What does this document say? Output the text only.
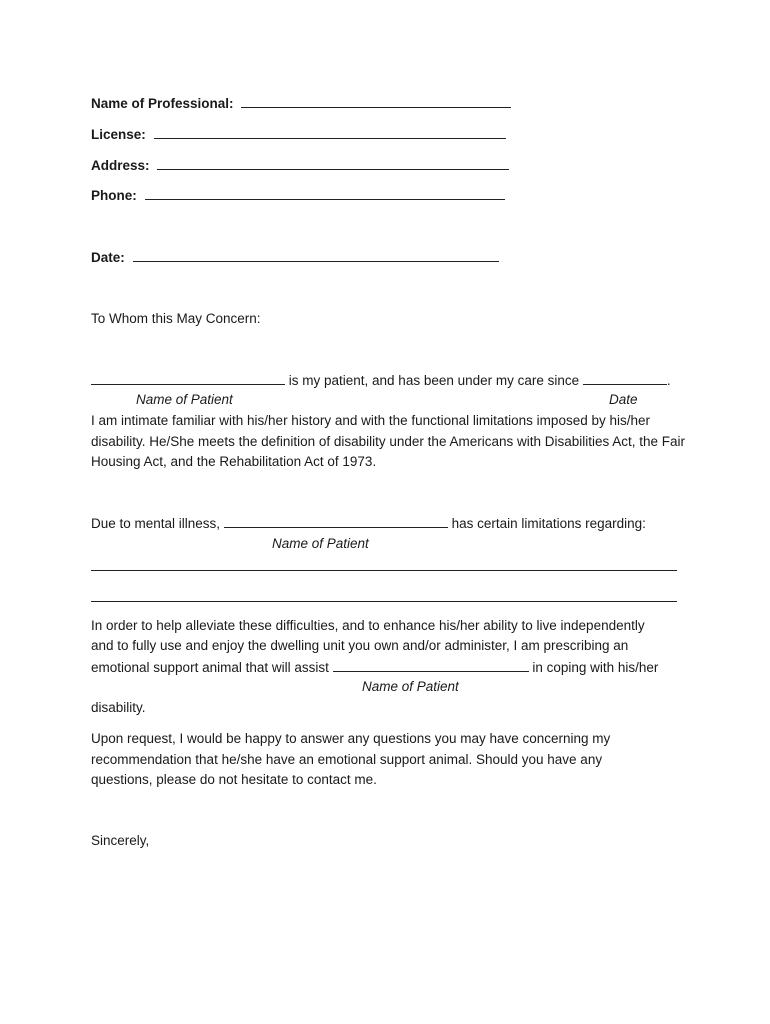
Name of Professional:
License:
Address:
Phone:
Date:
To Whom this May Concern:
is my patient, and has been under my care since	.
Name of Patient	Date
I am intimate familiar with his/her history and with the functional limitations imposed by his/her disability. He/She meets the definition of disability under the Americans with Disabilities Act, the Fair Housing Act, and the Rehabilitation Act of 1973.
Due to mental illness,	has certain limitations regarding:
Name of Patient
In order to help alleviate these difficulties, and to enhance his/her ability to live independently
and to fully use and enjoy the dwelling unit you own and/or administer, I am prescribing an
emotional support animal that will assist	in coping with his/her
Name of Patient
disability.
Upon request, I would be happy to answer any questions you may have concerning my recommendation that he/she have an emotional support animal. Should you have any questions, please do not hesitate to contact me.
Sincerely,
